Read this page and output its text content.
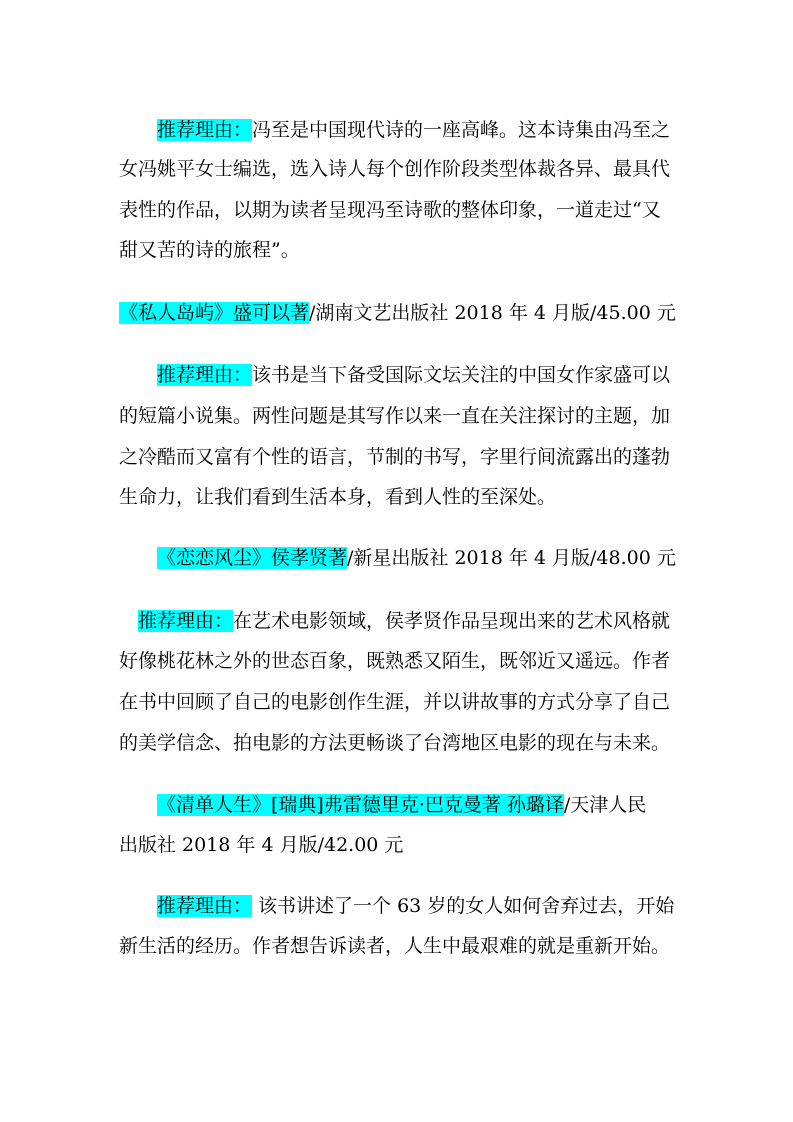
推荐理由：冯至是中国现代诗的一座高峰。这本诗集由冯至之
女冯姚平女士编选，选入诗人每个创作阶段类型体裁各异、最具代
表性的作品，以期为读者呈现冯至诗歌的整体印象，一道走过“又
甜又苦的诗的旅程”。
《私人岛屿》盛可以著/湖南文艺出版社 2018 年 4 月版/45.00 元
推荐理由：该书是当下备受国际文坛关注的中国女作家盛可以
的短篇小说集。两性问题是其写作以来一直在关注探讨的主题，加
之冷酷而又富有个性的语言，节制的书写，字里行间流露出的蓬勃
生命力，让我们看到生活本身，看到人性的至深处。
《恋恋风尘》侯孝贤著/新星出版社 2018 年 4 月版/48.00 元
推荐理由：在艺术电影领域，侯孝贤作品呈现出来的艺术风格就
好像桃花林之外的世态百象，既熟悉又陌生，既邻近又遥远。作者
在书中回顾了自己的电影创作生涯，并以讲故事的方式分享了自己
的美学信念、拍电影的方法更畅谈了台湾地区电影的现在与未来。
《清单人生》[瑞典]弗雷德里克·巴克曼著 孙璐译/天津人民
出版社 2018 年 4 月版/42.00 元
推荐理由： 该书讲述了一个 63 岁的女人如何舍弃过去，开始
新生活的经历。作者想告诉读者，人生中最艰难的就是重新开始。
